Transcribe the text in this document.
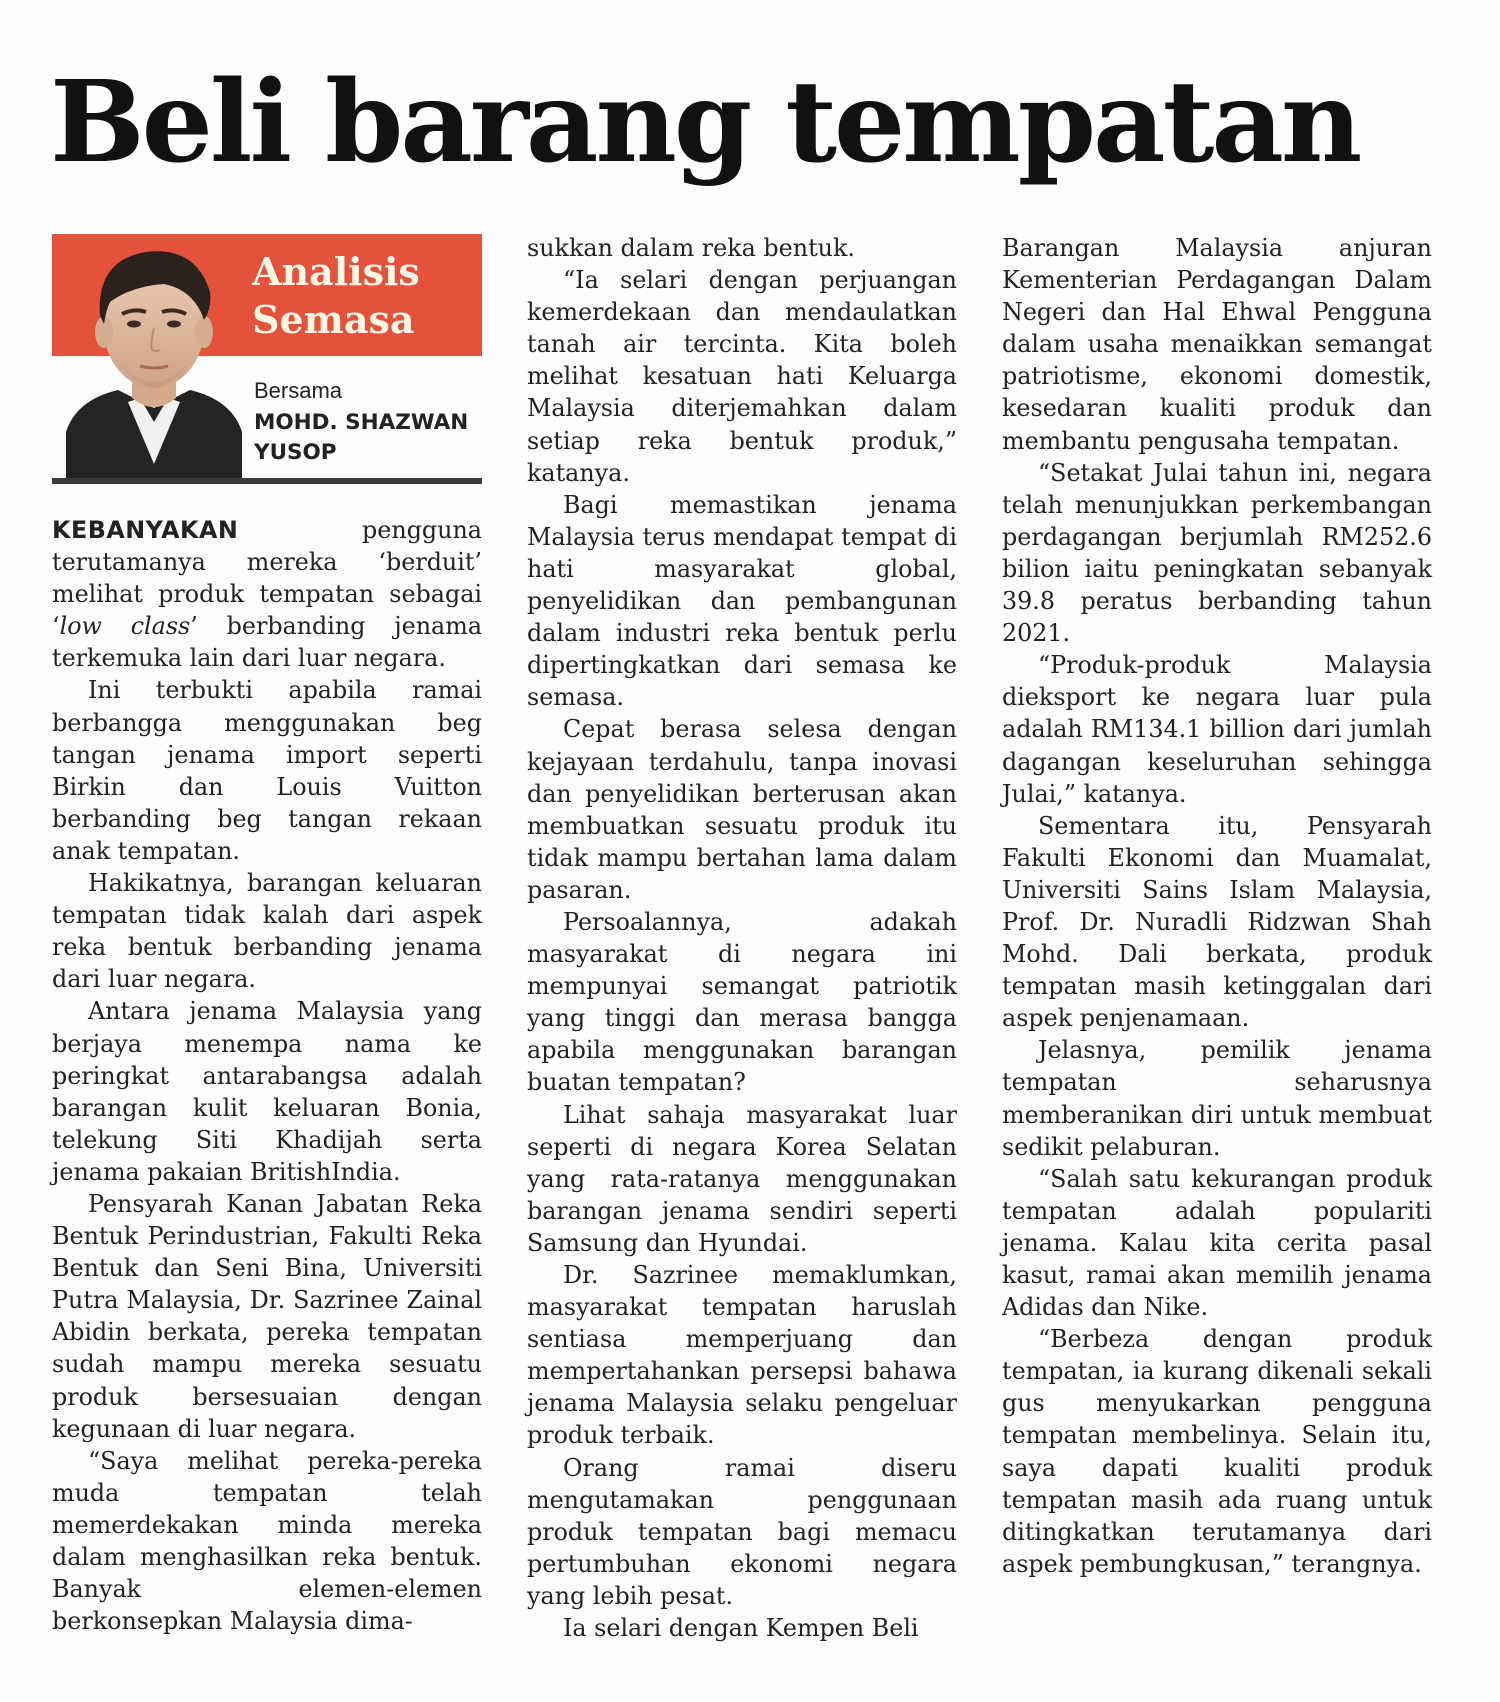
Beli barang tempatan
Analisis
Semasa
Bersama
MOHD. SHAZWAN
YUSOP

KEBANYAKAN pengguna terutamanya mereka ‘berduit’ melihat produk tempatan sebagai ‘low class’ berbanding jenama terkemuka lain dari luar negara.

Ini terbukti apabila ramai berbangga menggunakan beg tangan jenama import seperti Birkin dan Louis Vuitton berbanding beg tangan rekaan anak tempatan.

Hakikatnya, barangan keluaran tempatan tidak kalah dari aspek reka bentuk berbanding jenama dari luar negara.

Antara jenama Malaysia yang berjaya menempa nama ke peringkat antarabangsa adalah barangan kulit keluaran Bonia, telekung Siti Khadijah serta jenama pakaian BritishIndia.

Pensyarah Kanan Jabatan Reka Bentuk Perindustrian, Fakulti Reka Bentuk dan Seni Bina, Universiti Putra Malaysia, Dr. Sazrinee Zainal Abidin berkata, pereka tempatan sudah mampu mereka sesuatu produk bersesuaian dengan kegunaan di luar negara.

“Saya melihat pereka-pereka muda tempatan telah memerdekakan minda mereka dalam menghasilkan reka bentuk. Banyak elemen-elemen berkonsepkan Malaysia dima-

sukkan dalam reka bentuk.

“Ia selari dengan perjuangan kemerdekaan dan mendaulatkan tanah air tercinta. Kita boleh melihat kesatuan hati Keluarga Malaysia diterjemahkan dalam setiap reka bentuk produk,” katanya.

Bagi memastikan jenama Malaysia terus mendapat tempat di hati masyarakat global, penyelidikan dan pembangunan dalam industri reka bentuk perlu dipertingkatkan dari semasa ke semasa.

Cepat berasa selesa dengan kejayaan terdahulu, tanpa inovasi dan penyelidikan berterusan akan membuatkan sesuatu produk itu tidak mampu bertahan lama dalam pasaran.

Persoalannya, adakah masyarakat di negara ini mempunyai semangat patriotik yang tinggi dan merasa bangga apabila menggunakan barangan buatan tempatan?

Lihat sahaja masyarakat luar seperti di negara Korea Selatan yang rata-ratanya menggunakan barangan jenama sendiri seperti Samsung dan Hyundai.

Dr. Sazrinee memaklumkan, masyarakat tempatan haruslah sentiasa memperjuang dan mempertahankan persepsi bahawa jenama Malaysia selaku pengeluar produk terbaik.

Orang ramai diseru mengutamakan penggunaan produk tempatan bagi memacu pertumbuhan ekonomi negara yang lebih pesat.

Ia selari dengan Kempen Beli

Barangan Malaysia anjuran Kementerian Perdagangan Dalam Negeri dan Hal Ehwal Pengguna dalam usaha menaikkan semangat patriotisme, ekonomi domestik, kesedaran kualiti produk dan membantu pengusaha tempatan.

“Setakat Julai tahun ini, negara telah menunjukkan perkembangan perdagangan berjumlah RM252.6 bilion iaitu peningkatan sebanyak 39.8 peratus berbanding tahun 2021.

“Produk-produk Malaysia dieksport ke negara luar pula adalah RM134.1 billion dari jumlah dagangan keseluruhan sehingga Julai,” katanya.

Sementara itu, Pensyarah Fakulti Ekonomi dan Muamalat, Universiti Sains Islam Malaysia, Prof. Dr. Nuradli Ridzwan Shah Mohd. Dali berkata, produk tempatan masih ketinggalan dari aspek penjenamaan.

Jelasnya, pemilik jenama tempatan seharusnya memberanikan diri untuk membuat sedikit pelaburan.

“Salah satu kekurangan produk tempatan adalah populariti jenama. Kalau kita cerita pasal kasut, ramai akan memilih jenama Adidas dan Nike.

“Berbeza dengan produk tempatan, ia kurang dikenali sekali gus menyukarkan pengguna tempatan membelinya. Selain itu, saya dapati kualiti produk tempatan masih ada ruang untuk ditingkatkan terutamanya dari aspek pembungkusan,” terangnya.
